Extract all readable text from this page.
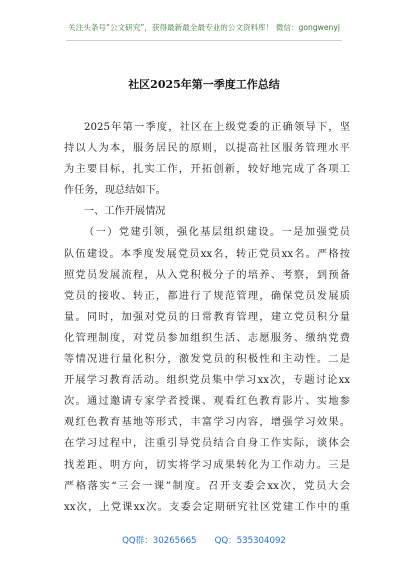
关注头条号“公文研究”，获得最新最全最专业的公文资料库！ 微信：gongwenyj
社区2025年第一季度工作总结
2025年第一季度，社区在上级党委的正确领导下，坚
持以人为本，服务居民的原则，以提高社区服务管理水平
为主要目标，扎实工作，开拓创新，较好地完成了各项工
作任务，现总结如下。
一、工作开展情况
（一）党建引领，强化基层组织建设。一是加强党员
队伍建设。本季度发展党员xx名，转正党员xx名。严格按
照党员发展流程，从入党积极分子的培养、考察，到预备
党员的接收、转正，都进行了规范管理，确保党员发展质
量。同时，加强对党员的日常教育管理，建立党员积分量
化管理制度，对党员参加组织生活、志愿服务、缴纳党费
等情况进行量化积分，激发党员的积极性和主动性。二是
开展学习教育活动。组织党员集中学习xx次，专题讨论xx
次。通过邀请专家学者授课、观看红色教育影片、实地参
观红色教育基地等形式，丰富学习内容，增强学习效果。
在学习过程中，注重引导党员结合自身工作实际，谈体会
找差距、明方向，切实将学习成果转化为工作动力。三是
严格落实“三会一课”制度。召开支委会xx次，党员大会
xx次，上党课xx次。支委会定期研究社区党建工作中的重
QQ群：30265665 QQ：535304092
